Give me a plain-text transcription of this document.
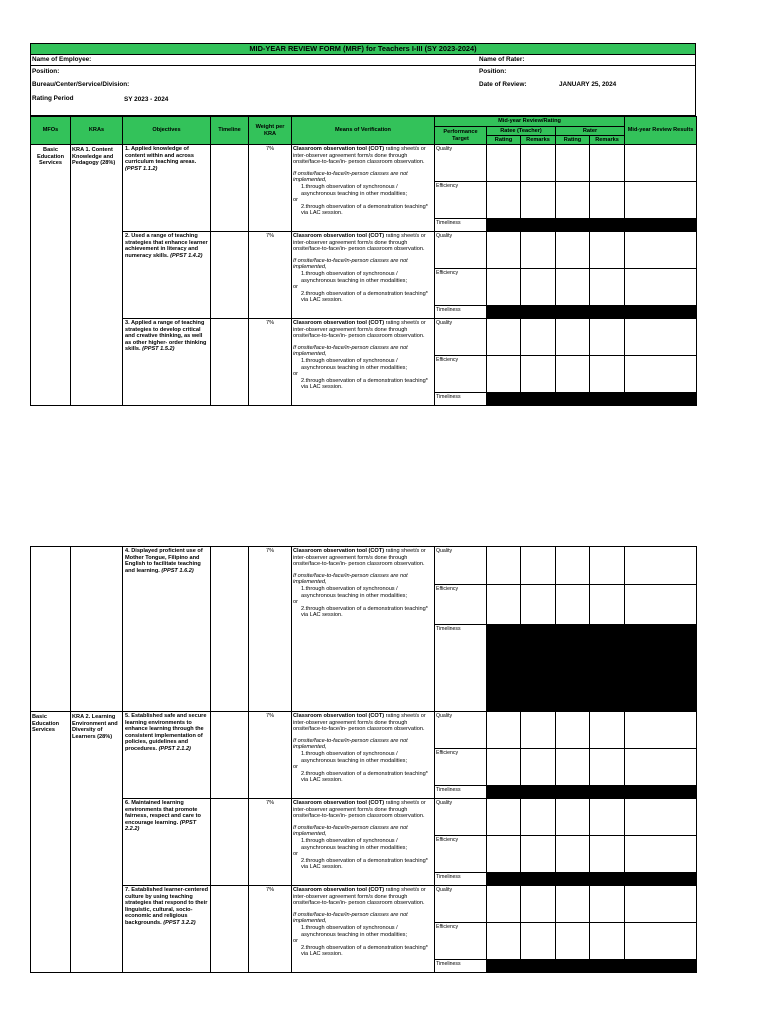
MID-YEAR REVIEW FORM (MRF) for Teachers I-III (SY 2023-2024)
Name of Employee:	Name of Rater:
Position:	Position:
Bureau/Center/Service/Division:	Date of Review:	JANUARY 25, 2024
Rating Period	SY 2023 - 2024
MFOs	KRAs	Objectives	Timeline	Weight per KRA	Means of Verification	Mid-year Review/Rating					Mid-year Review Results
						Performance Target	Ratee (Teacher)		Rater		
							Rating	Remarks	Rating	Remarks	
Basic Education Services	KRA 1. Content Knowledge and Pedagogy (28%)	1. Applied knowledge of content within and across curriculum teaching areas. (PPST 1.1.2)		7%	Classroom observation tool (COT) rating sheet/s or inter-observer agreement form/s done through onsite/face-to-face/in- person classroom observation.
If onsite/face-to-face/in-person classes are not implemented,
1.through observation of synchronous / asynchronous teaching in other modalities;
or
2.through observation of a demonstration teaching* via LAC session.	Quality					
						Efficiency					
						Timeliness					
		2. Used a range of teaching strategies that enhance learner achievement in literacy and numeracy skills. (PPST 1.4.2)		7%	Classroom observation tool (COT) rating sheet/s or inter-observer agreement form/s done through onsite/face-to-face/in- person classroom observation.
If onsite/face-to-face/in-person classes are not implemented,
1.through observation of synchronous / asynchronous teaching in other modalities;
or
2.through observation of a demonstration teaching* via LAC session.	Quality					
						Efficiency					
						Timeliness					
		3. Applied a range of teaching strategies to develop critical and creative thinking, as well as other higher- order thinking skills. (PPST 1.5.2)		7%	Classroom observation tool (COT) rating sheet/s or inter-observer agreement form/s done through onsite/face-to-face/in- person classroom observation.
If onsite/face-to-face/in-person classes are not implemented,
1.through observation of synchronous / asynchronous teaching in other modalities;
or
2.through observation of a demonstration teaching* via LAC session.	Quality					
						Efficiency					
						Timeliness					
		4. Displayed proficient use of Mother Tongue, Filipino and English to facilitate teaching and learning. (PPST 1.6.2)		7%	Classroom observation tool (COT) rating sheet/s or inter-observer agreement form/s done through onsite/face-to-face/in- person classroom observation.
If onsite/face-to-face/in-person classes are not implemented,
1.through observation of synchronous / asynchronous teaching in other modalities;
or
2.through observation of a demonstration teaching* via LAC session.	Quality					
						Efficiency					
						Timeliness					
Basic Education Services	KRA 2. Learning Environment and Diversity of Learners (28%)	5. Established safe and secure learning environments to enhance learning through the consistent implementation of policies, guidelines and procedures. (PPST 2.1.2)		7%	Classroom observation tool (COT) rating sheet/s or inter-observer agreement form/s done through onsite/face-to-face/in- person classroom observation.
If onsite/face-to-face/in-person classes are not implemented,
1.through observation of synchronous / asynchronous teaching in other modalities;
or
2.through observation of a demonstration teaching* via LAC session.	Quality					
						Efficiency					
						Timeliness					
		6. Maintained learning environments that promote fairness, respect and care to encourage learning. (PPST 2.2.2)		7%	Classroom observation tool (COT) rating sheet/s or inter-observer agreement form/s done through onsite/face-to-face/in- person classroom observation.
If onsite/face-to-face/in-person classes are not implemented,
1.through observation of synchronous / asynchronous teaching in other modalities;
or
2.through observation of a demonstration teaching* via LAC session.	Quality					
						Efficiency					
						Timeliness					
		7. Established learner-centered culture by using teaching strategies that respond to their linguistic, cultural, socio-economic and religious backgrounds. (PPST 3.2.2)		7%	Classroom observation tool (COT) rating sheet/s or inter-observer agreement form/s done through onsite/face-to-face/in- person classroom observation.
If onsite/face-to-face/in-person classes are not implemented,
1.through observation of synchronous / asynchronous teaching in other modalities;
or
2.through observation of a demonstration teaching* via LAC session.	Quality					
						Efficiency					
						Timeliness					
